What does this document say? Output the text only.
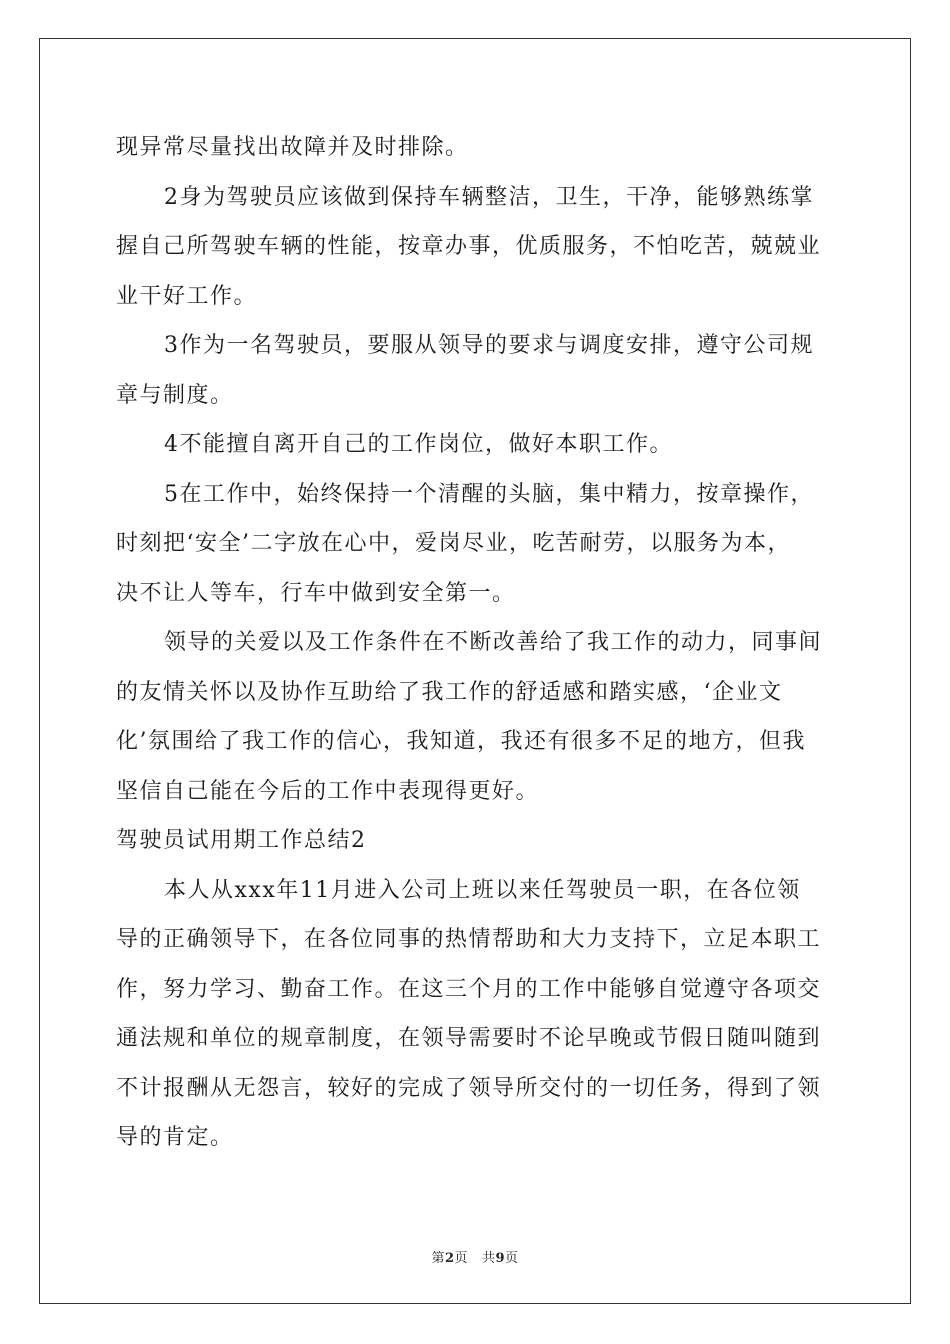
现异常尽量找出故障并及时排除。
2身为驾驶员应该做到保持车辆整洁，卫生，干净，能够熟练掌
握自己所驾驶车辆的性能，按章办事，优质服务，不怕吃苦，兢兢业
业干好工作。
3作为一名驾驶员，要服从领导的要求与调度安排，遵守公司规
章与制度。
4不能擅自离开自己的工作岗位，做好本职工作。
5在工作中，始终保持一个清醒的头脑，集中精力，按章操作，
时刻把‘安全’二字放在心中，爱岗尽业，吃苦耐劳，以服务为本，
决不让人等车，行车中做到安全第一。
领导的关爱以及工作条件在不断改善给了我工作的动力，同事间
的友情关怀以及协作互助给了我工作的舒适感和踏实感，‘企业文
化’氛围给了我工作的信心，我知道，我还有很多不足的地方，但我
坚信自己能在今后的工作中表现得更好。
驾驶员试用期工作总结2
本人从xxx年11月进入公司上班以来任驾驶员一职，在各位领
导的正确领导下，在各位同事的热情帮助和大力支持下，立足本职工
作，努力学习、勤奋工作。在这三个月的工作中能够自觉遵守各项交
通法规和单位的规章制度，在领导需要时不论早晚或节假日随叫随到
不计报酬从无怨言，较好的完成了领导所交付的一切任务，得到了领
导的肯定。
第2页 共9页
